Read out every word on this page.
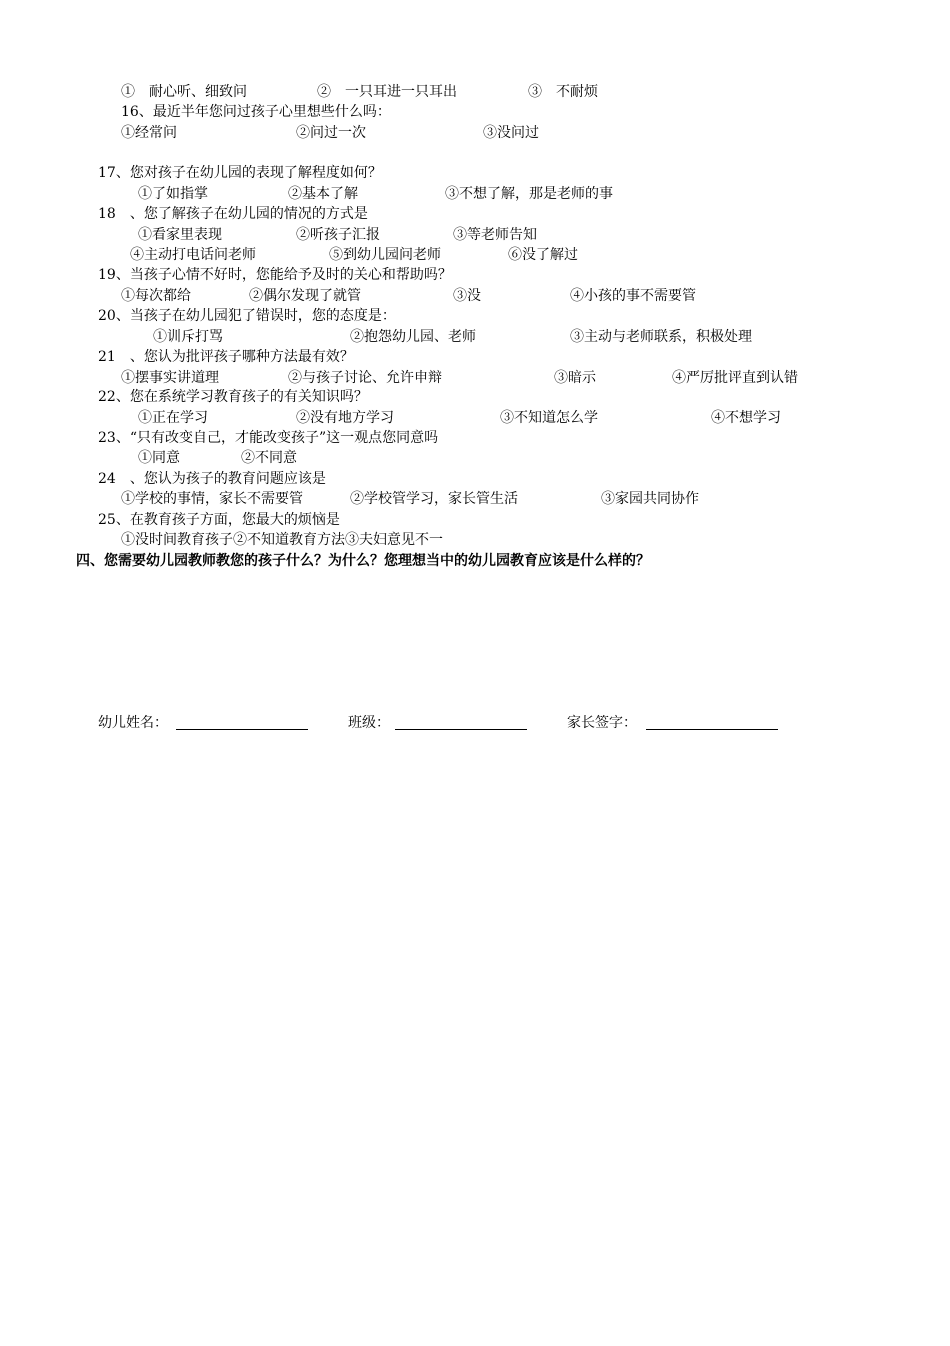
①　耐心听、细致问	②　一只耳进一只耳出	③　不耐烦
16、最近半年您问过孩子心里想些什么吗：
①经常问	②问过一次	③没问过
17、您对孩子在幼儿园的表现了解程度如何？
①了如指掌	②基本了解	③不想了解，那是老师的事
18　、您了解孩子在幼儿园的情况的方式是
①看家里表现	②听孩子汇报	③等老师告知
④主动打电话问老师	⑤到幼儿园问老师	⑥没了解过
19、当孩子心情不好时，您能给予及时的关心和帮助吗？
①每次都给	②偶尔发现了就管	③没	④小孩的事不需要管
20、当孩子在幼儿园犯了错误时，您的态度是：
①训斥打骂	②抱怨幼儿园、老师	③主动与老师联系，积极处理
21　、您认为批评孩子哪种方法最有效？
①摆事实讲道理	②与孩子讨论、允许申辩	③暗示	④严厉批评直到认错
22、您在系统学习教育孩子的有关知识吗？
①正在学习	②没有地方学习	③不知道怎么学	④不想学习
23、“只有改变自己，才能改变孩子”这一观点您同意吗
①同意	②不同意
24　、您认为孩子的教育问题应该是
①学校的事情，家长不需要管	②学校管学习，家长管生活	③家园共同协作
25、在教育孩子方面，您最大的烦恼是
①没时间教育孩子②不知道教育方法③夫妇意见不一
四、您需要幼儿园教师教您的孩子什么？为什么？您理想当中的幼儿园教育应该是什么样的？
幼儿姓名：	班级：	家长签字：
